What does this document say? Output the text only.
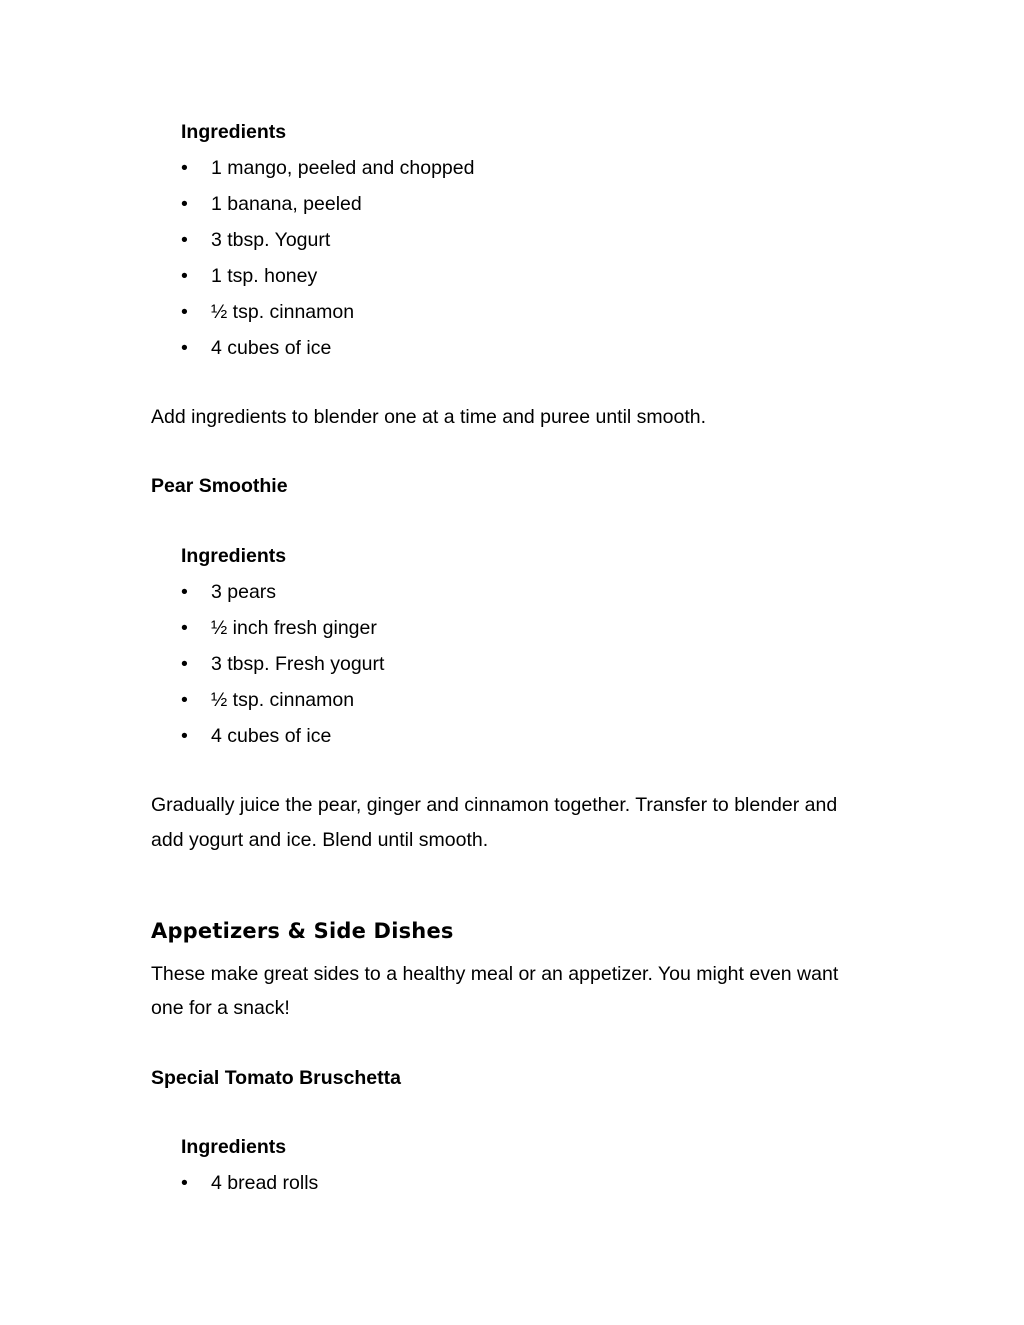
Ingredients
• 1 mango, peeled and chopped
• 1 banana, peeled
• 3 tbsp. Yogurt
• 1 tsp. honey
• ½ tsp. cinnamon
• 4 cubes of ice
Add ingredients to blender one at a time and puree until smooth.
Pear Smoothie
Ingredients
• 3 pears
• ½ inch fresh ginger
• 3 tbsp. Fresh yogurt
• ½ tsp. cinnamon
• 4 cubes of ice
Gradually juice the pear, ginger and cinnamon together. Transfer to blender and
add yogurt and ice. Blend until smooth.
Appetizers & Side Dishes
These make great sides to a healthy meal or an appetizer. You might even want
one for a snack!
Special Tomato Bruschetta
Ingredients
• 4 bread rolls
